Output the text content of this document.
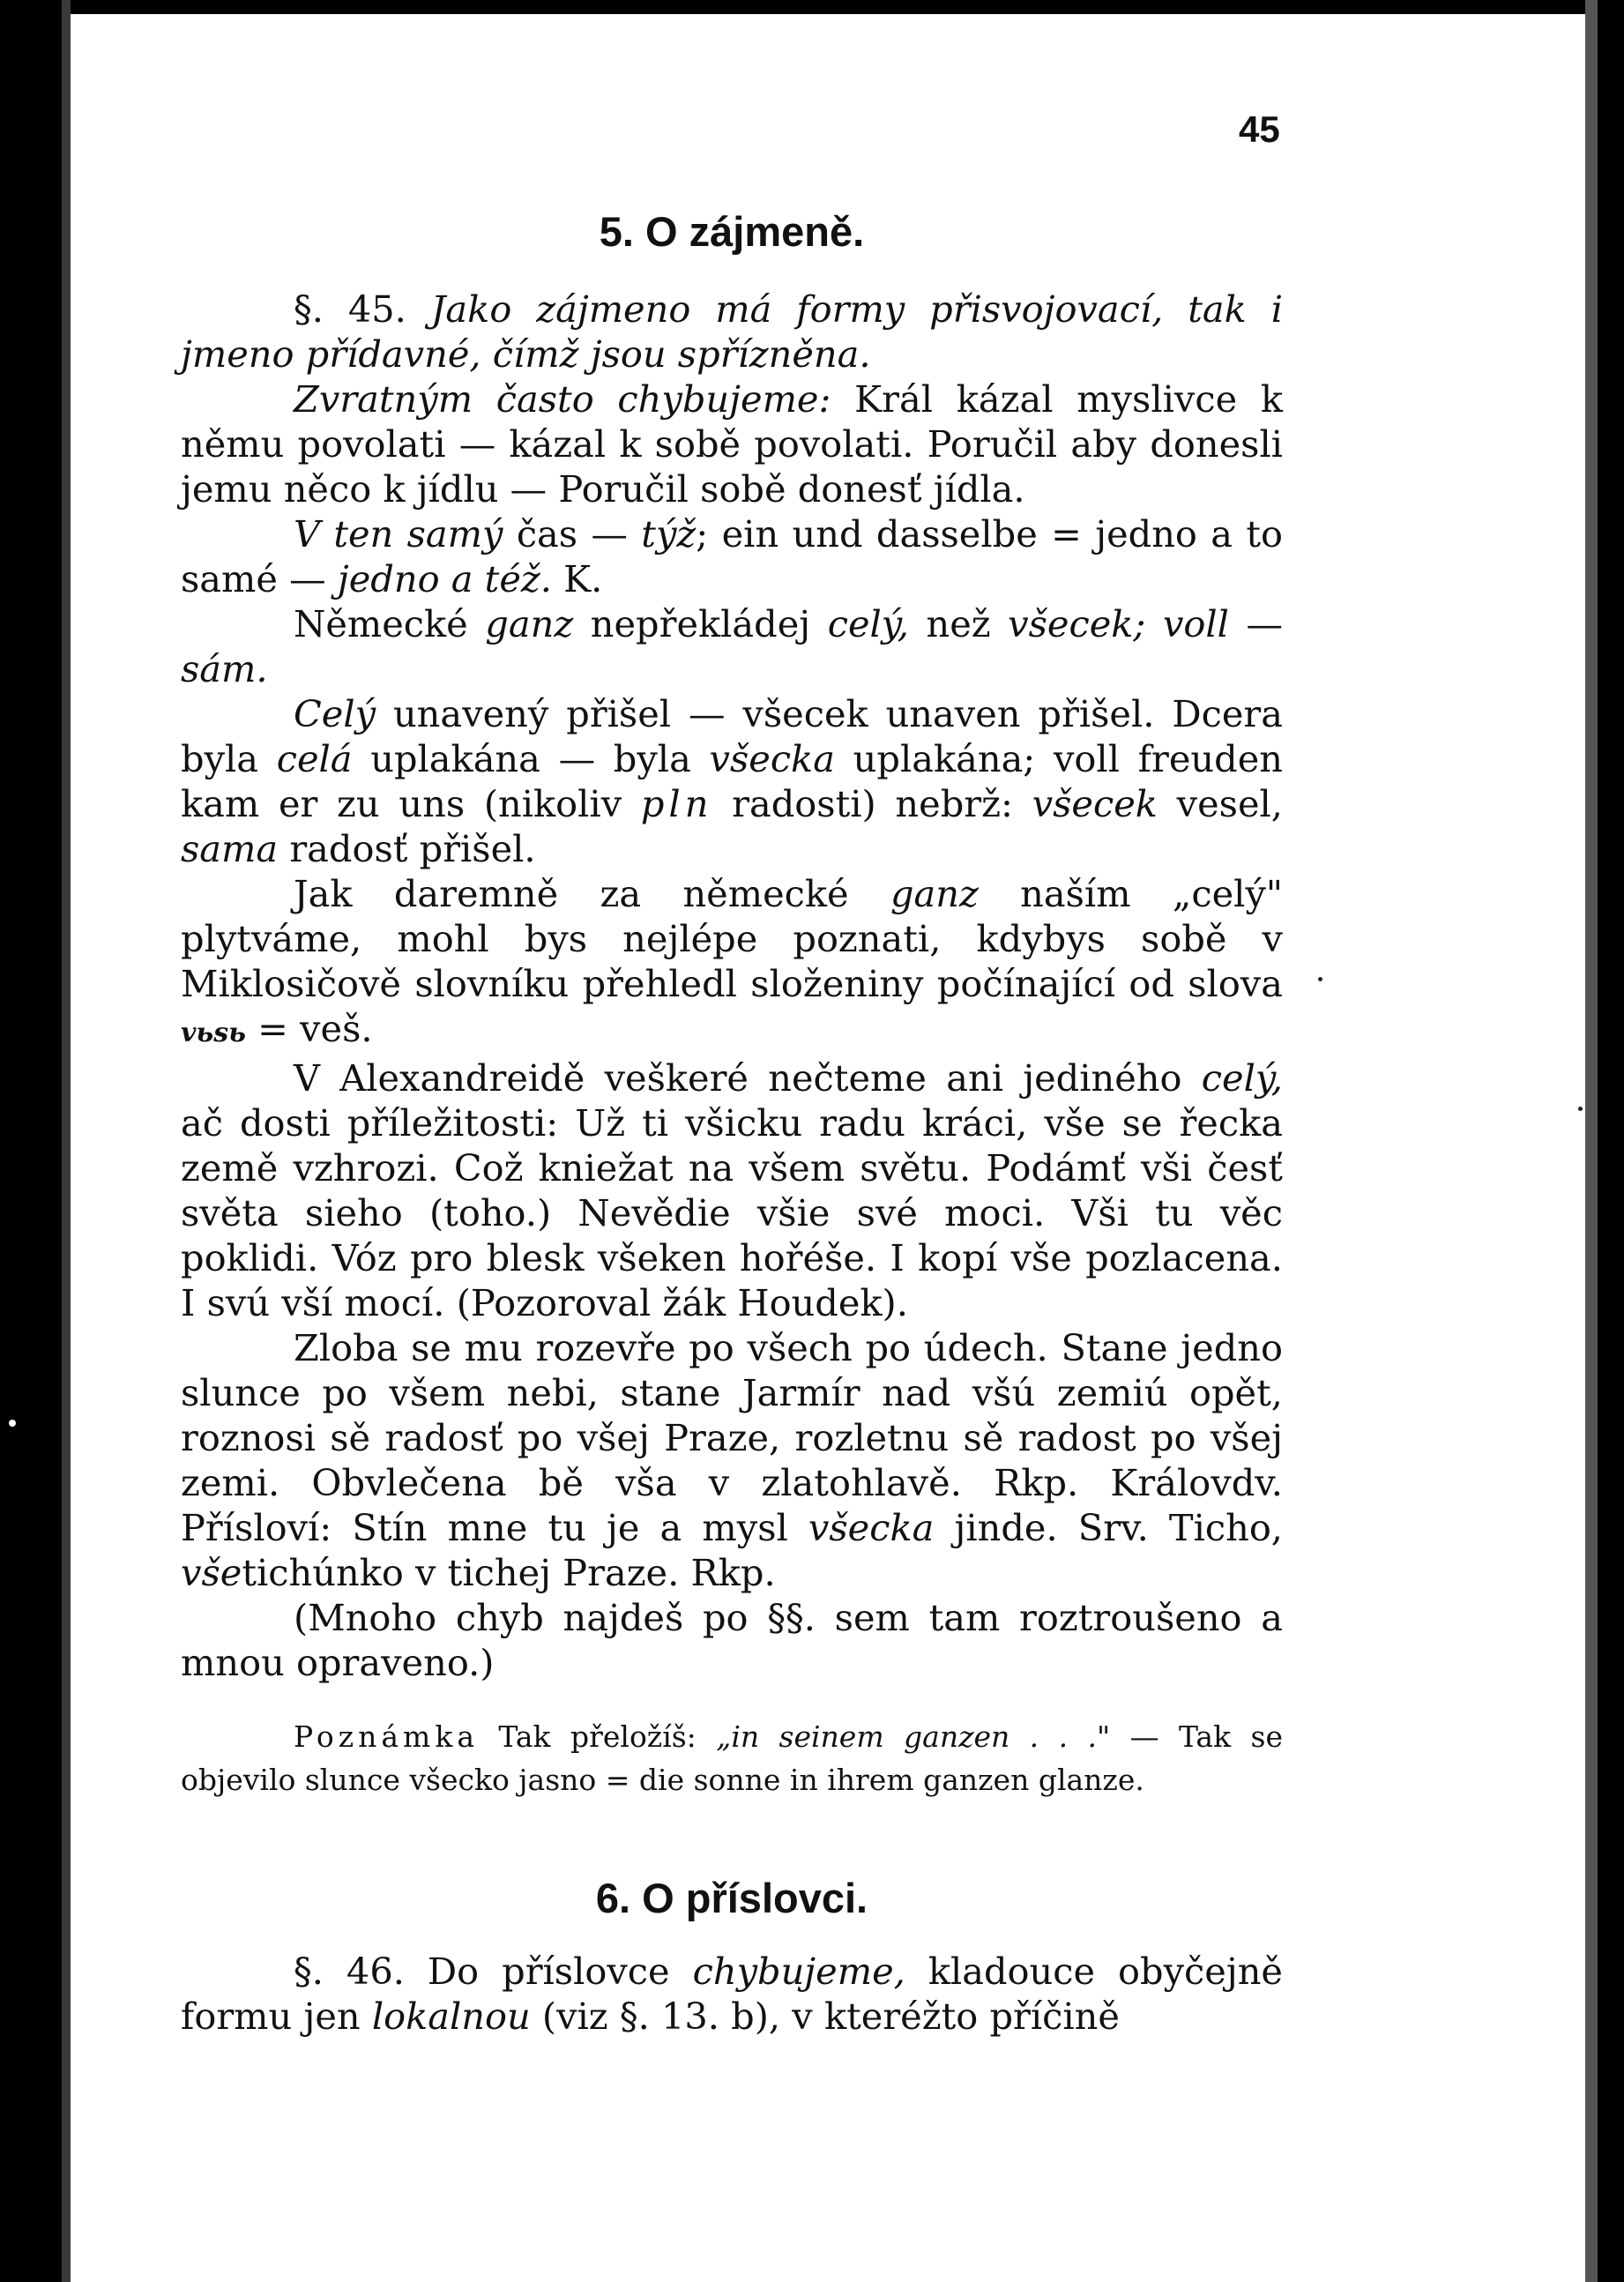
45
5. O zájmeně.

§. 45. Jako zájmeno má formy přisvojovací, tak i jmeno přídavné, čímž jsou spřízněna.

Zvratným často chybujeme: Král kázal myslivce k němu povolati — kázal k sobě povolati. Poručil aby donesli jemu něco k jídlu — Poručil sobě donesť jídla.

V ten samý čas — týž; ein und dasselbe = jedno a to samé — jedno a též. K.

Německé ganz nepřekládej celý, než všecek; voll — sám.

Celý unavený přišel — všecek unaven přišel. Dcera byla celá uplakána — byla všecka uplakána; voll freuden kam er zu uns (nikoliv pln radosti) nebrž: všecek vesel, sama radosť přišel.

Jak daremně za německé ganz naším „celý" plytváme, mohl bys nejlépe poznati, kdybys sobě v Miklosičově slovníku přehledl složeniny počínající od slova vьsь = veš.

V Alexandreidě veškeré nečteme ani jediného celý, ač dosti příležitosti: Už ti všicku radu kráci, vše se řecka země vzhrozi. Což kniežat na všem světu. Podámť vši česť světa sieho (toho.) Nevědie všie své moci. Vši tu věc poklidi. Vóz pro blesk všeken hořéše. I kopí vše pozlacena. I svú vší mocí. (Pozoroval žák Houdek).

Zloba se mu rozevře po všech po údech. Stane jedno slunce po všem nebi, stane Jarmír nad všú zemiú opět, roznosi sě radosť po všej Praze, rozletnu sě radost po všej zemi. Obvlečena bě vša v zlatohlavě. Rkp. Královdv. Přísloví: Stín mne tu je a mysl všecka jinde. Srv. Ticho, všetichúnko v tichej Praze. Rkp.

(Mnoho chyb najdeš po §§. sem tam roztroušeno a mnou opraveno.)

Poznámka Tak přeložíš: „in seinem ganzen . . ." — Tak se objevilo slunce všecko jasno = die sonne in ihrem ganzen glanze.

6. O příslovci.

§. 46. Do příslovce chybujeme, kladouce obyčejně formu jen lokalnou (viz §. 13. b), v kteréžto příčině
